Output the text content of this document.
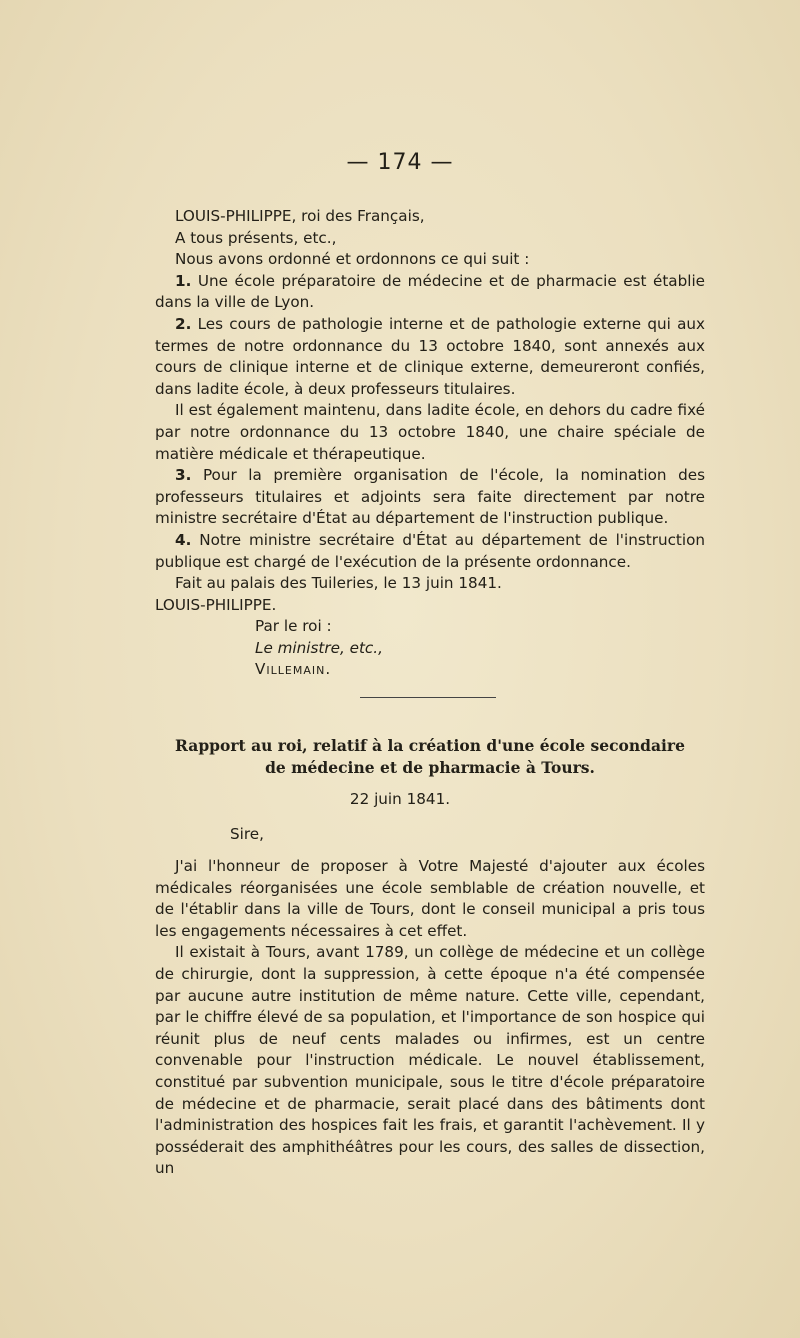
— 174 —

LOUIS-PHILIPPE, roi des Français,

A tous présents, etc.,

Nous avons ordonné et ordonnons ce qui suit :

1. Une école préparatoire de médecine et de pharmacie est établie dans la ville de Lyon.

2. Les cours de pathologie interne et de pathologie externe qui aux termes de notre ordonnance du 13 octobre 1840, sont annexés aux cours de clinique interne et de clinique externe, demeureront confiés, dans ladite école, à deux professeurs titulaires.

Il est également maintenu, dans ladite école, en dehors du cadre fixé par notre ordonnance du 13 octobre 1840, une chaire spéciale de matière médicale et thérapeutique.

3. Pour la première organisation de l'école, la nomination des professeurs titulaires et adjoints sera faite directement par notre ministre secrétaire d'État au département de l'instruction publique.

4. Notre ministre secrétaire d'État au département de l'instruction publique est chargé de l'exécution de la présente ordonnance.

Fait au palais des Tuileries, le 13 juin 1841.

LOUIS-PHILIPPE.

Par le roi :
Le ministre, etc.,
Villemain.
Rapport au roi, relatif à la création d'une école secondaire
de médecine et de pharmacie à Tours.
22 juin 1841.
Sire,

J'ai l'honneur de proposer à Votre Majesté d'ajouter aux écoles médicales réorganisées une école semblable de création nouvelle, et de l'établir dans la ville de Tours, dont le conseil municipal a pris tous les engagements nécessaires à cet effet.

Il existait à Tours, avant 1789, un collège de médecine et un collège de chirurgie, dont la suppression, à cette époque n'a été compensée par aucune autre institution de même nature. Cette ville, cependant, par le chiffre élevé de sa population, et l'importance de son hospice qui réunit plus de neuf cents malades ou infirmes, est un centre convenable pour l'instruction médicale. Le nouvel établissement, constitué par subvention municipale, sous le titre d'école préparatoire de médecine et de pharmacie, serait placé dans des bâtiments dont l'administration des hospices fait les frais, et garantit l'achèvement. Il y posséderait des amphithéâtres pour les cours, des salles de dissection, un
